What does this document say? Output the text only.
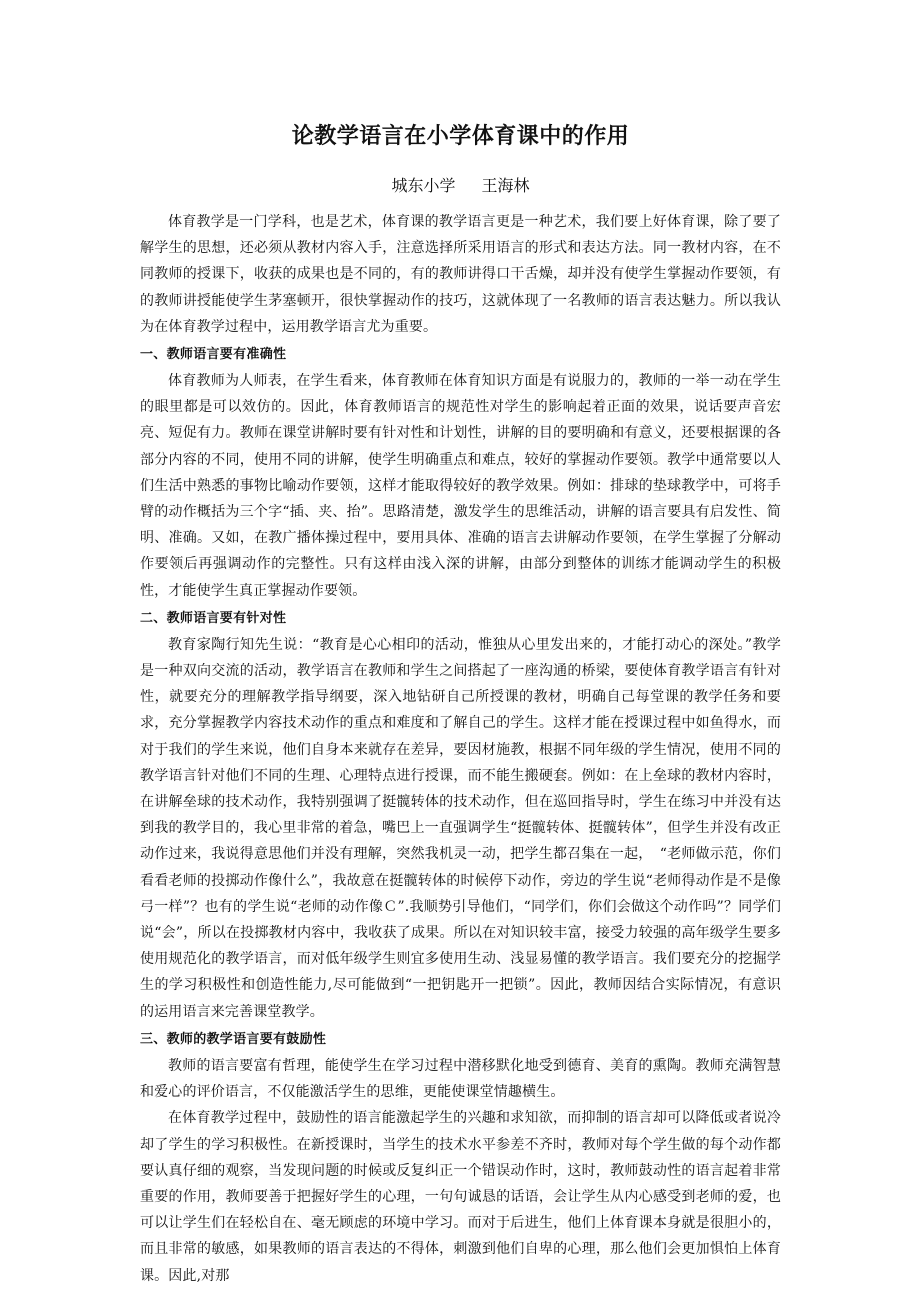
论教学语言在小学体育课中的作用
城东小学 王海林

体育教学是一门学科，也是艺术，体育课的教学语言更是一种艺术，我们要上好体育课，除了要了解学生的思想，还必须从教材内容入手，注意选择所采用语言的形式和表达方法。同一教材内容，在不同教师的授课下，收获的成果也是不同的，有的教师讲得口干舌燥，却并没有使学生掌握动作要领，有的教师讲授能使学生茅塞顿开，很快掌握动作的技巧，这就体现了一名教师的语言表达魅力。所以我认为在体育教学过程中，运用教学语言尤为重要。

一、教师语言要有准确性

体育教师为人师表，在学生看来，体育教师在体育知识方面是有说服力的，教师的一举一动在学生的眼里都是可以效仿的。因此，体育教师语言的规范性对学生的影响起着正面的效果，说话要声音宏亮、短促有力。教师在课堂讲解时要有针对性和计划性，讲解的目的要明确和有意义，还要根据课的各部分内容的不同，使用不同的讲解，使学生明确重点和难点，较好的掌握动作要领。教学中通常要以人们生活中熟悉的事物比喻动作要领，这样才能取得较好的教学效果。例如：排球的垫球教学中，可将手臂的动作概括为三个字“插、夹、抬”。思路清楚，激发学生的思维活动，讲解的语言要具有启发性、简明、准确。又如，在教广播体操过程中，要用具体、准确的语言去讲解动作要领，在学生掌握了分解动作要领后再强调动作的完整性。只有这样由浅入深的讲解，由部分到整体的训练才能调动学生的积极性，才能使学生真正掌握动作要领。

二、教师语言要有针对性

教育家陶行知先生说：“教育是心心相印的活动，惟独从心里发出来的，才能打动心的深处。”教学是一种双向交流的活动，教学语言在教师和学生之间搭起了一座沟通的桥梁，要使体育教学语言有针对性，就要充分的理解教学指导纲要，深入地钻研自己所授课的教材，明确自己每堂课的教学任务和要求，充分掌握教学内容技术动作的重点和难度和了解自己的学生。这样才能在授课过程中如鱼得水，而对于我们的学生来说，他们自身本来就存在差异，要因材施教，根据不同年级的学生情况，使用不同的教学语言针对他们不同的生理、心理特点进行授课，而不能生搬硬套。例如：在上垒球的教材内容时，在讲解垒球的技术动作，我特别强调了挺髋转体的技术动作，但在巡回指导时，学生在练习中并没有达到我的教学目的，我心里非常的着急，嘴巴上一直强调学生“挺髋转体、挺髋转体”，但学生并没有改正动作过来，我说得意思他们并没有理解，突然我机灵一动，把学生都召集在一起，　“老师做示范，你们看看老师的投掷动作像什么”，我故意在挺髋转体的时候停下动作，旁边的学生说“老师得动作是不是像弓一样”？也有的学生说“老师的动作像Ｃ”.我顺势引导他们，“同学们，你们会做这个动作吗”？同学们说“会”，所以在投掷教材内容中，我收获了成果。所以在对知识较丰富，接受力较强的高年级学生要多使用规范化的教学语言，而对低年级学生则宜多使用生动、浅显易懂的教学语言。我们要充分的挖掘学生的学习积极性和创造性能力,尽可能做到“一把钥匙开一把锁”。因此，教师因结合实际情况，有意识的运用语言来完善课堂教学。

三、教师的教学语言要有鼓励性

教师的语言要富有哲理，能使学生在学习过程中潜移默化地受到德育、美育的熏陶。教师充满智慧和爱心的评价语言，不仅能激活学生的思维，更能使课堂情趣横生。

在体育教学过程中，鼓励性的语言能激起学生的兴趣和求知欲，而抑制的语言却可以降低或者说冷却了学生的学习积极性。在新授课时，当学生的技术水平参差不齐时，教师对每个学生做的每个动作都要认真仔细的观察，当发现问题的时候或反复纠正一个错误动作时，这时，教师鼓动性的语言起着非常重要的作用，教师要善于把握好学生的心理，一句句诚恳的话语，会让学生从内心感受到老师的爱，也可以让学生们在轻松自在、毫无顾虑的环境中学习。而对于后进生，他们上体育课本身就是很胆小的，而且非常的敏感，如果教师的语言表达的不得体，刺激到他们自卑的心理，那么他们会更加惧怕上体育课。因此,对那
